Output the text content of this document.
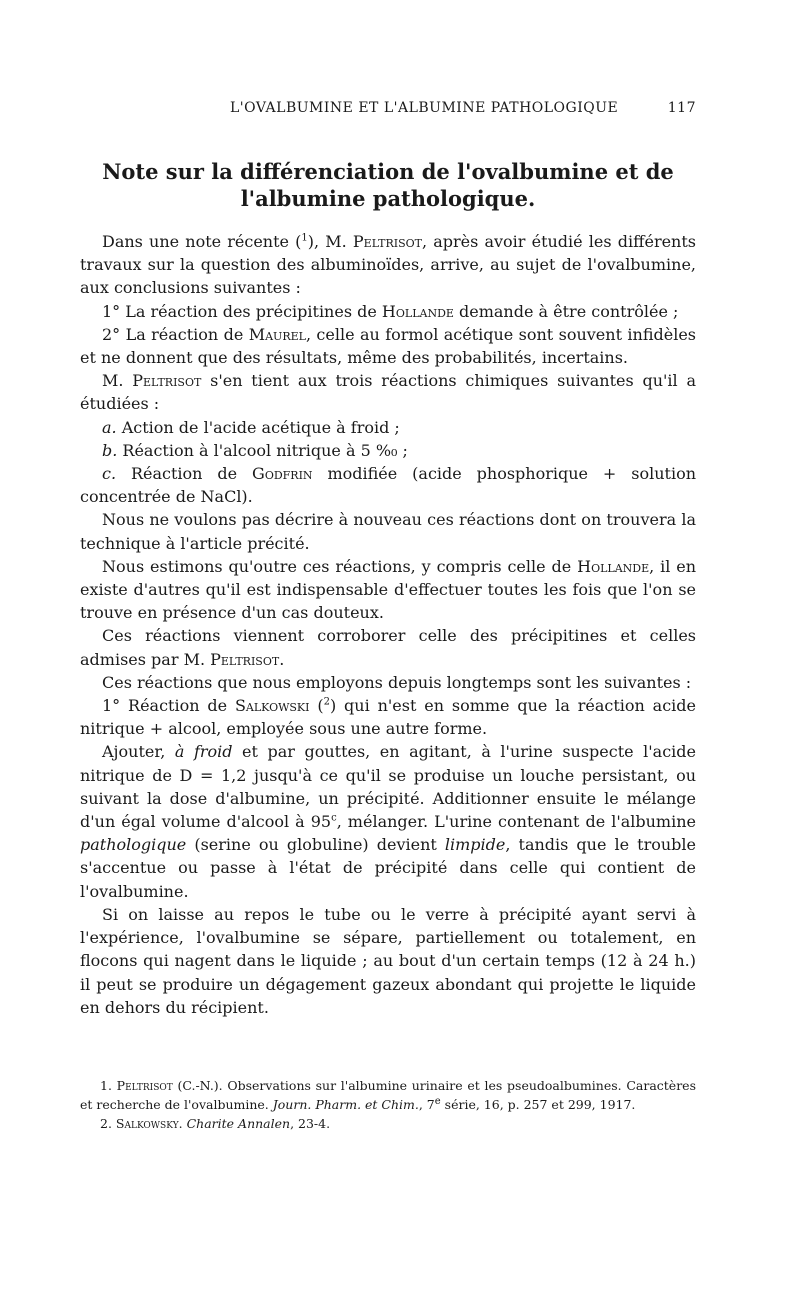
L'OVALBUMINE ET L'ALBUMINE PATHOLOGIQUE	117
Note sur la différenciation de l'ovalbumine et de
l'albumine pathologique.

Dans une note récente ($^1$), M. Peltrisot, après avoir étudié les différents travaux sur la question des albuminoïdes, arrive, au sujet de l'ovalbumine, aux conclusions suivantes :

1° La réaction des précipitines de Hollande demande à être contrôlée ;

2° La réaction de Maurel, celle au formol acétique sont souvent infidèles et ne donnent que des résultats, même des probabilités, incertains.

M. Peltrisot s'en tient aux trois réactions chimiques suivantes qu'il a étudiées :

a. Action de l'acide acétique à froid ;

b. Réaction à l'alcool nitrique à 5 %₀ ;

c. Réaction de Godfrin modifiée (acide phosphorique + solution concentrée de NaCl).

Nous ne voulons pas décrire à nouveau ces réactions dont on trouvera la technique à l'article précité.

Nous estimons qu'outre ces réactions, y compris celle de Hollande, il en existe d'autres qu'il est indispensable d'effectuer toutes les fois que l'on se trouve en présence d'un cas douteux.

Ces réactions viennent corroborer celle des précipitines et celles admises par M. Peltrisot.

Ces réactions que nous employons depuis longtemps sont les suivantes :

1° Réaction de Salkowski ($^2$) qui n'est en somme que la réaction acide nitrique + alcool, employée sous une autre forme.

Ajouter, à froid et par gouttes, en agitant, à l'urine suspecte l'acide nitrique de D = 1,2 jusqu'à ce qu'il se produise un louche persistant, ou suivant la dose d'albumine, un précipité. Additionner ensuite le mélange d'un égal volume d'alcool à 95$^c$, mélanger. L'urine contenant de l'albumine pathologique (serine ou globuline) devient limpide, tandis que le trouble s'accentue ou passe à l'état de précipité dans celle qui contient de l'ovalbumine.

Si on laisse au repos le tube ou le verre à précipité ayant servi à l'expérience, l'ovalbumine se sépare, partiellement ou totalement, en flocons qui nagent dans le liquide ; au bout d'un certain temps (12 à 24 h.) il peut se produire un dégagement gazeux abondant qui projette le liquide en dehors du récipient.

1. Peltrisot (C.-N.). Observations sur l'albumine urinaire et les pseudoalbumines. Caractères et recherche de l'ovalbumine. Journ. Pharm. et Chim., 7e série, 16, p. 257 et 299, 1917.

2. Salkowsky. Charite Annalen, 23-4.
